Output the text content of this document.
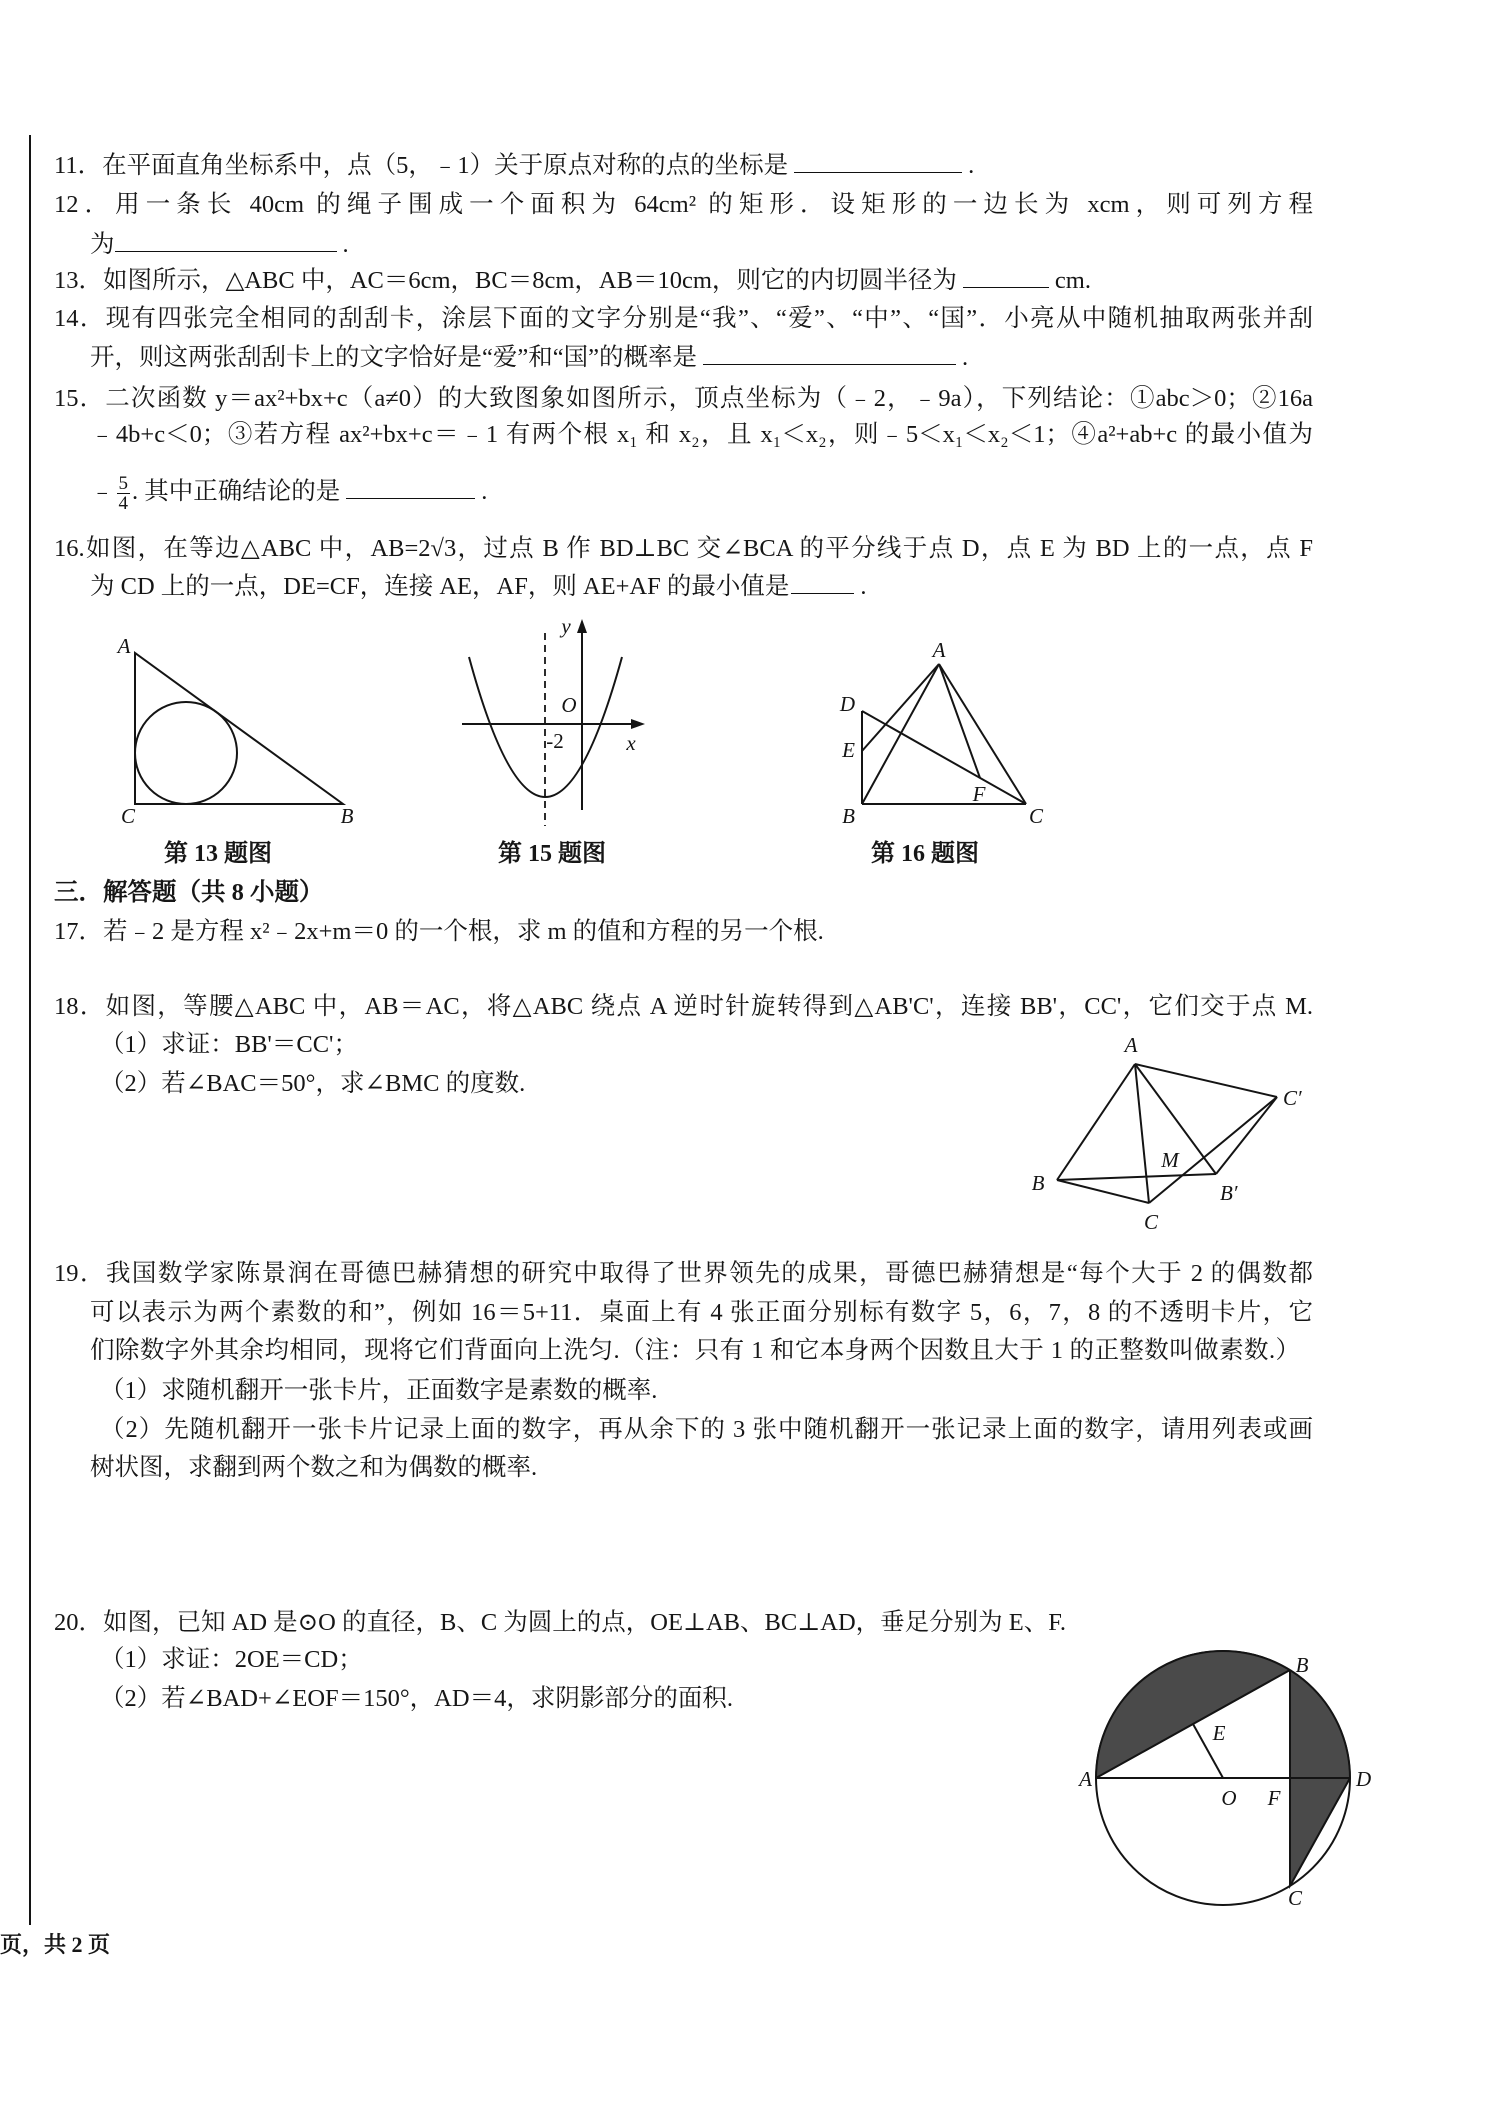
11．在平面直角坐标系中，点（5，﹣1）关于原点对称的点的坐标是	.
12．用一条长 40cm 的绳子围成一个面积为 64cm² 的矩形．设矩形的一边长为 xcm，则可列方程
为	.
13．如图所示，△ABC 中，AC＝6cm，BC＝8cm，AB＝10cm，则它的内切圆半径为	cm.
14．现有四张完全相同的刮刮卡，涂层下面的文字分别是“我”、“爱”、“中”、“国”．小亮从中随机抽取两张并刮
开，则这两张刮刮卡上的文字恰好是“爱”和“国”的概率是	.
15．二次函数 y＝ax²+bx+c（a≠0）的大致图象如图所示，顶点坐标为（﹣2，﹣9a），下列结论：①abc＞0；②16a
﹣4b+c＜0；③若方程 ax²+bx+c＝﹣1 有两个根 x₁ 和 x₂，且 x₁＜x₂，则﹣5＜x₁＜x₂＜1；④a²+ab+c 的最小值为
﹣ $\frac{5}{4}$ . 其中正确结论的是	.
16.如图，在等边△ABC 中，AB=2√3，过点 B 作 BD⊥BC 交∠BCA 的平分线于点 D，点 E 为 BD 上的一点，点 F
为 CD 上的一点，DE=CF，连接 AE，AF，则 AE+AF 的最小值是	.
第 13 题图	第 15 题图	第 16 题图
三．解答题（共 8 小题）
17．若﹣2 是方程 x²﹣2x+m＝0 的一个根，求 m 的值和方程的另一个根.
18．如图，等腰△ABC 中，AB＝AC，将△ABC 绕点 A 逆时针旋转得到△AB'C'，连接 BB'，CC'，它们交于点 M.
（1）求证：BB'＝CC'；
（2）若∠BAC＝50°，求∠BMC 的度数.
19．我国数学家陈景润在哥德巴赫猜想的研究中取得了世界领先的成果，哥德巴赫猜想是“每个大于 2 的偶数都
可以表示为两个素数的和”，例如 16＝5+11．桌面上有 4 张正面分别标有数字 5，6，7，8 的不透明卡片，它
们除数字外其余均相同，现将它们背面向上洗匀.（注：只有 1 和它本身两个因数且大于 1 的正整数叫做素数.）
（1）求随机翻开一张卡片，正面数字是素数的概率.
（2）先随机翻开一张卡片记录上面的数字，再从余下的 3 张中随机翻开一张记录上面的数字，请用列表或画
树状图，求翻到两个数之和为偶数的概率.
20．如图，已知 AD 是⊙O 的直径，B、C 为圆上的点，OE⊥AB、BC⊥AD，垂足分别为 E、F.
（1）求证：2OE＝CD；
（2）若∠BAD+∠EOF＝150°，AD＝4，求阴影部分的面积.
页，共 2 页
A
C	B
y
O
-2	x
A
D
E
B
F
C
A
C′
B
M
B′
C
A
B
C
D
E
O F
